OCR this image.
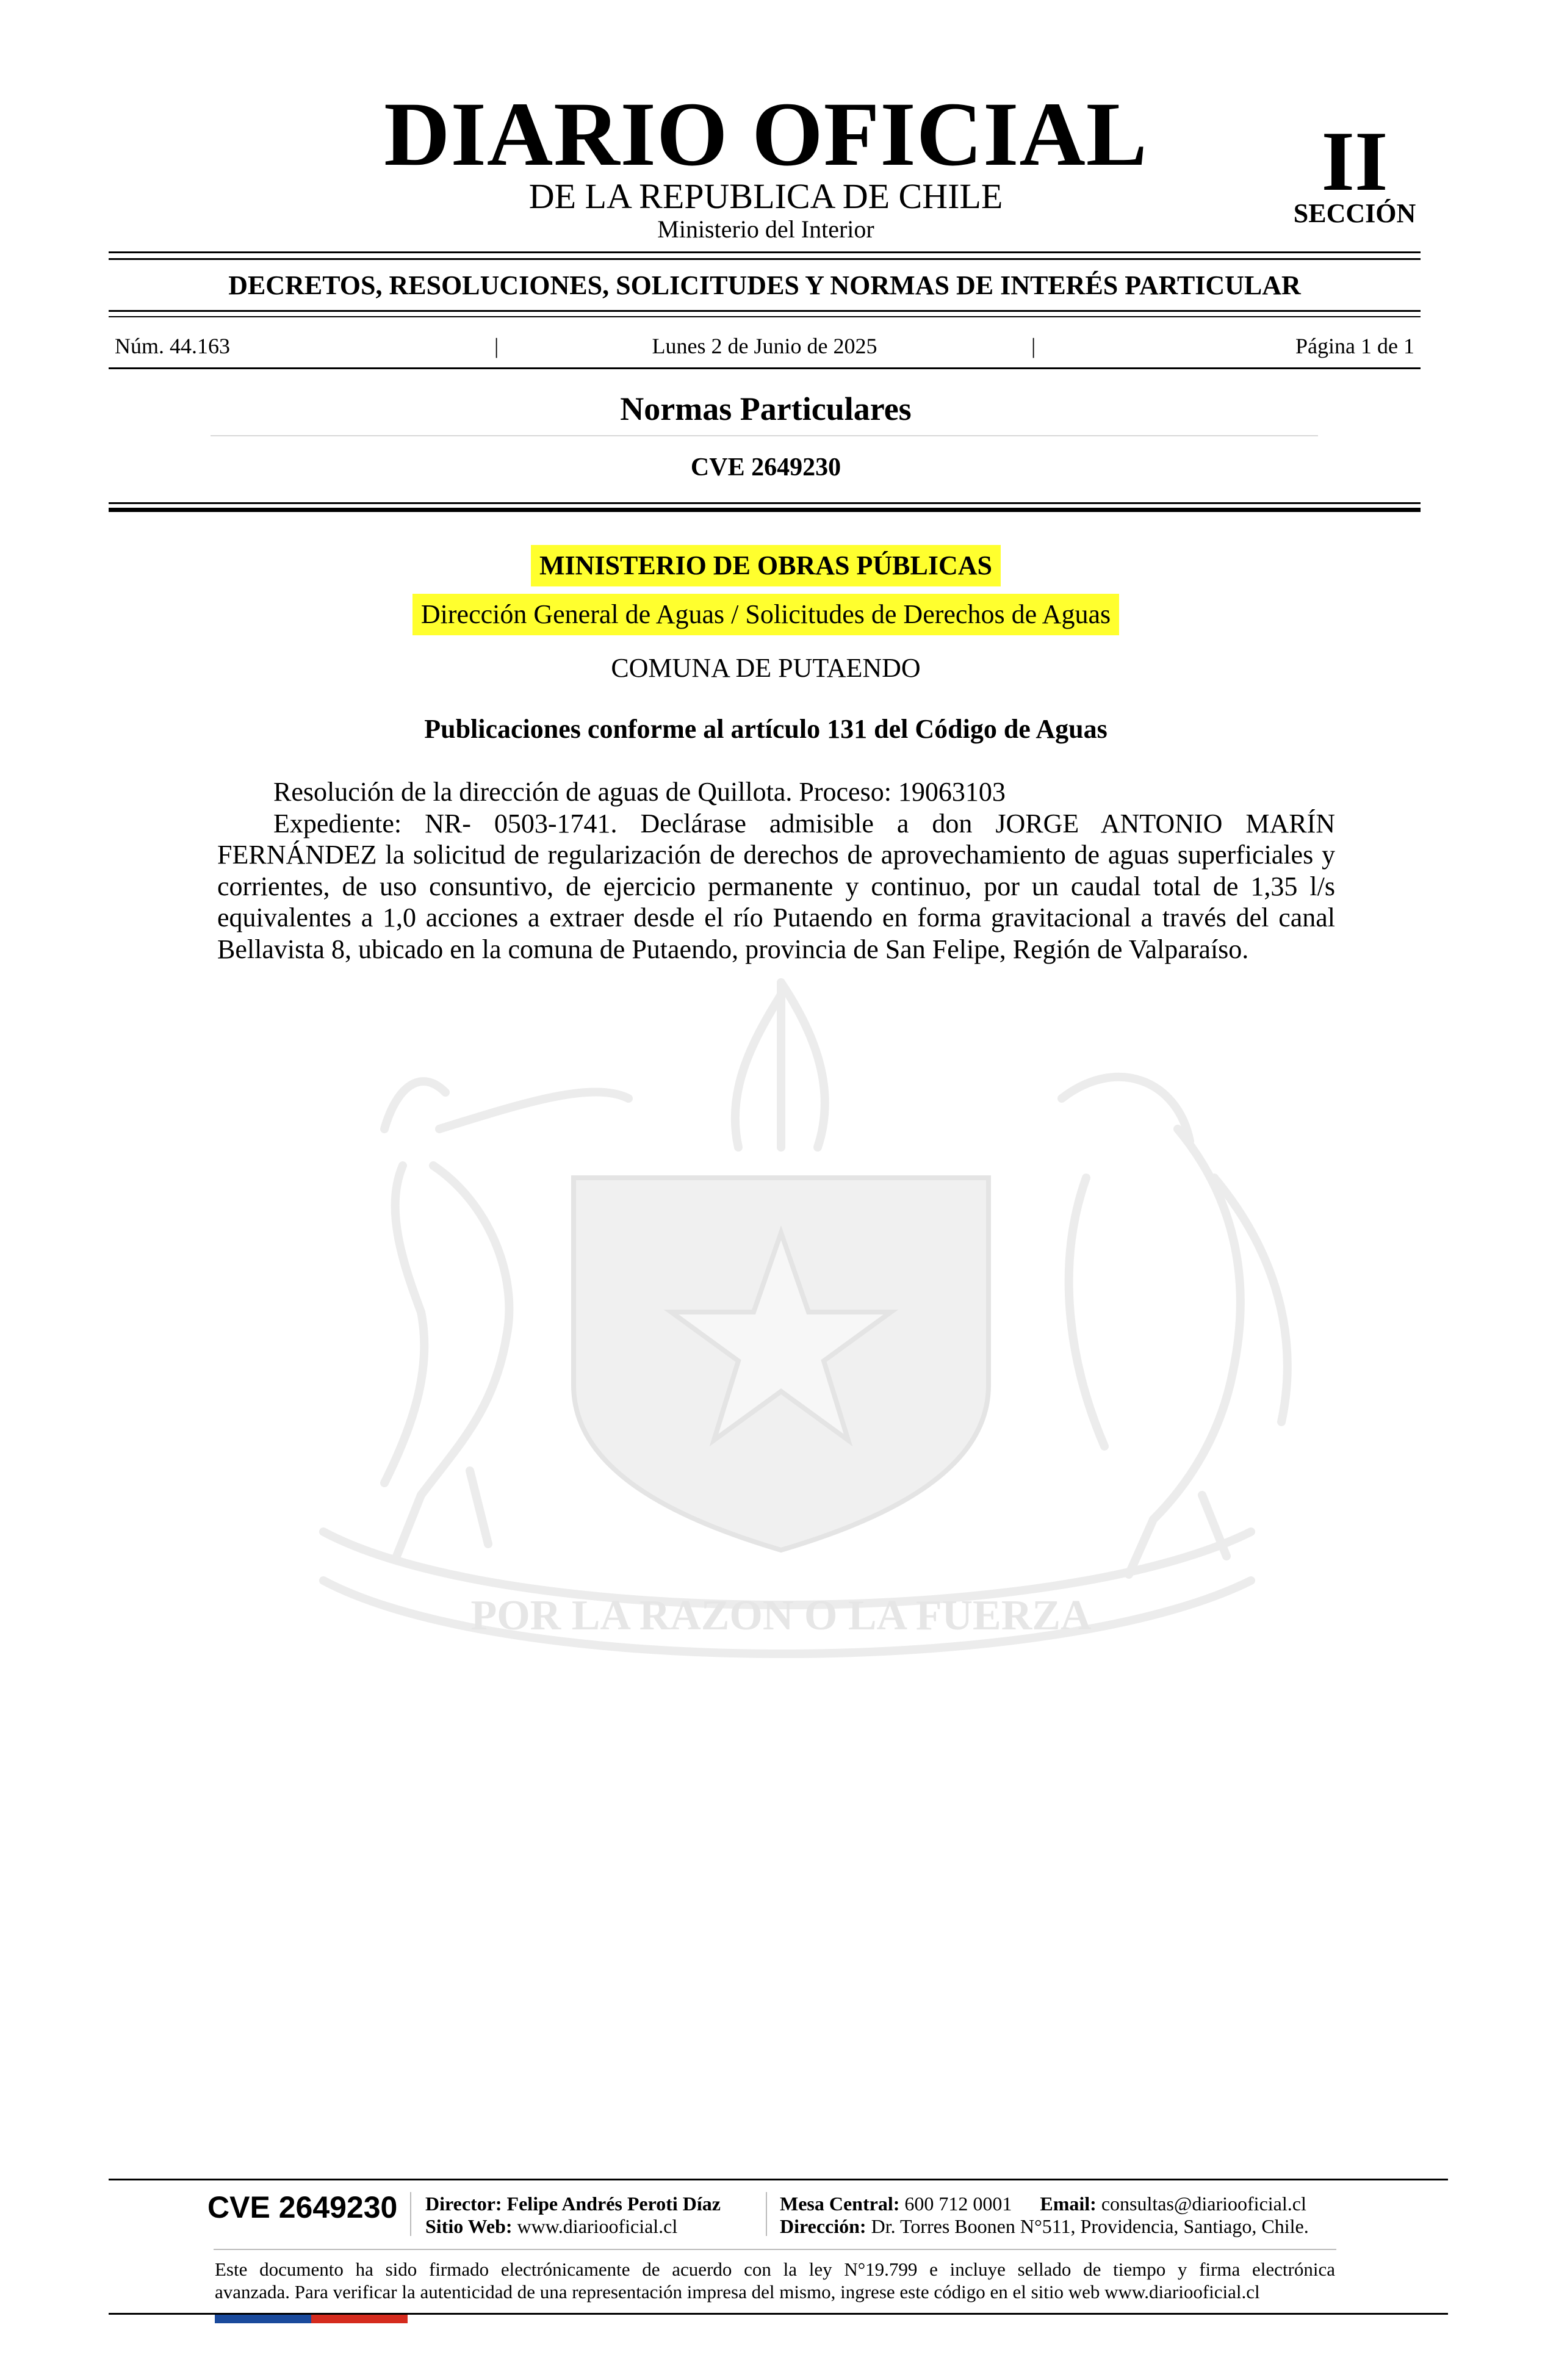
POR LA RAZON O LA FUERZA
DIARIO OFICIAL
DE LA REPUBLICA DE CHILE
Ministerio del Interior
II
SECCIÓN
DECRETOS, RESOLUCIONES, SOLICITUDES Y NORMAS DE INTERÉS PARTICULAR
Núm. 44.163	|	Lunes 2 de Junio de 2025	|	Página 1 de 1
Normas Particulares
CVE 2649230
MINISTERIO DE OBRAS PÚBLICAS
Dirección General de Aguas / Solicitudes de Derechos de Aguas
COMUNA DE PUTAENDO
Publicaciones conforme al artículo 131 del Código de Aguas

Resolución de la dirección de aguas de Quillota. Proceso: 19063103

Expediente: NR- 0503-1741. Declárase admisible a don JORGE ANTONIO MARÍN FERNÁNDEZ la solicitud de regularización de derechos de aprovechamiento de aguas superficiales y corrientes, de uso consuntivo, de ejercicio permanente y continuo, por un caudal total de 1,35 l/s equivalentes a 1,0 acciones a extraer desde el río Putaendo en forma gravitacional a través del canal Bellavista 8, ubicado en la comuna de Putaendo, provincia de San Felipe, Región de Valparaíso.

CVE 2649230 Director: Felipe Andrés Peroti Díaz
Sitio Web: www.diariooficial.cl
Mesa Central: 600 712 0001 Email: consultas@diariooficial.cl
Dirección: Dr. Torres Boonen N°511, Providencia, Santiago, Chile.

Este documento ha sido firmado electrónicamente de acuerdo con la ley N°19.799 e incluye sellado de tiempo y firma electrónica

avanzada. Para verificar la autenticidad de una representación impresa del mismo, ingrese este código en el sitio web www.diariooficial.cl
